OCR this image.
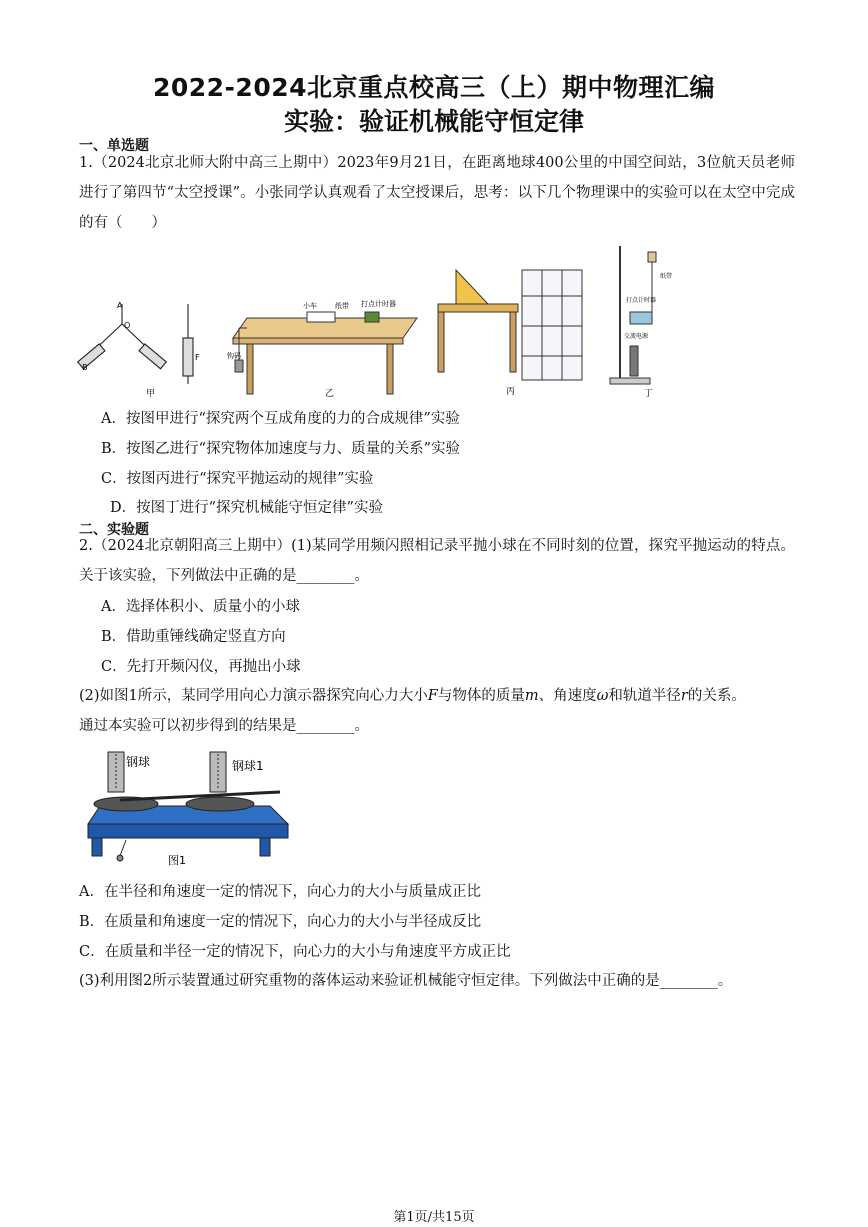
2022-2024北京重点校高三（上）期中物理汇编
实验：验证机械能守恒定律
一、单选题
1.（2024北京北师大附中高三上期中）2023年9月21日，在距离地球400公里的中国空间站，3位航天员老师进行了第四节“太空授课”。小张同学认真观看了太空授课后，思考：以下几个物理课中的实验可以在太空中完成的有（　　）
A
O
B
F
甲
小车	纸带 打点计时器
钩码
乙	丙
纸带
打点计时器
交流电源
丁
A．按图甲进行“探究两个互成角度的力的合成规律”实验
B．按图乙进行“探究物体加速度与力、质量的关系”实验
C．按图丙进行“探究平抛运动的规律”实验
D．按图丁进行“探究机械能守恒定律”实验
二、实验题
2.（2024北京朝阳高三上期中）(1)某同学用频闪照相记录平抛小球在不同时刻的位置，探究平抛运动的特点。关于该实验，下列做法中正确的是________。
A．选择体积小、质量小的小球
B．借助重锤线确定竖直方向
C．先打开频闪仪，再抛出小球
(2)如图1所示，某同学用向心力演示器探究向心力大小F与物体的质量m、角速度ω和轨道半径r的关系。
通过本实验可以初步得到的结果是________。
钢球	钢球1
图1
A．在半径和角速度一定的情况下，向心力的大小与质量成正比
B．在质量和角速度一定的情况下，向心力的大小与半径成反比
C．在质量和半径一定的情况下，向心力的大小与角速度平方成正比
(3)利用图2所示装置通过研究重物的落体运动来验证机械能守恒定律。下列做法中正确的是________。
第1页/共15页
